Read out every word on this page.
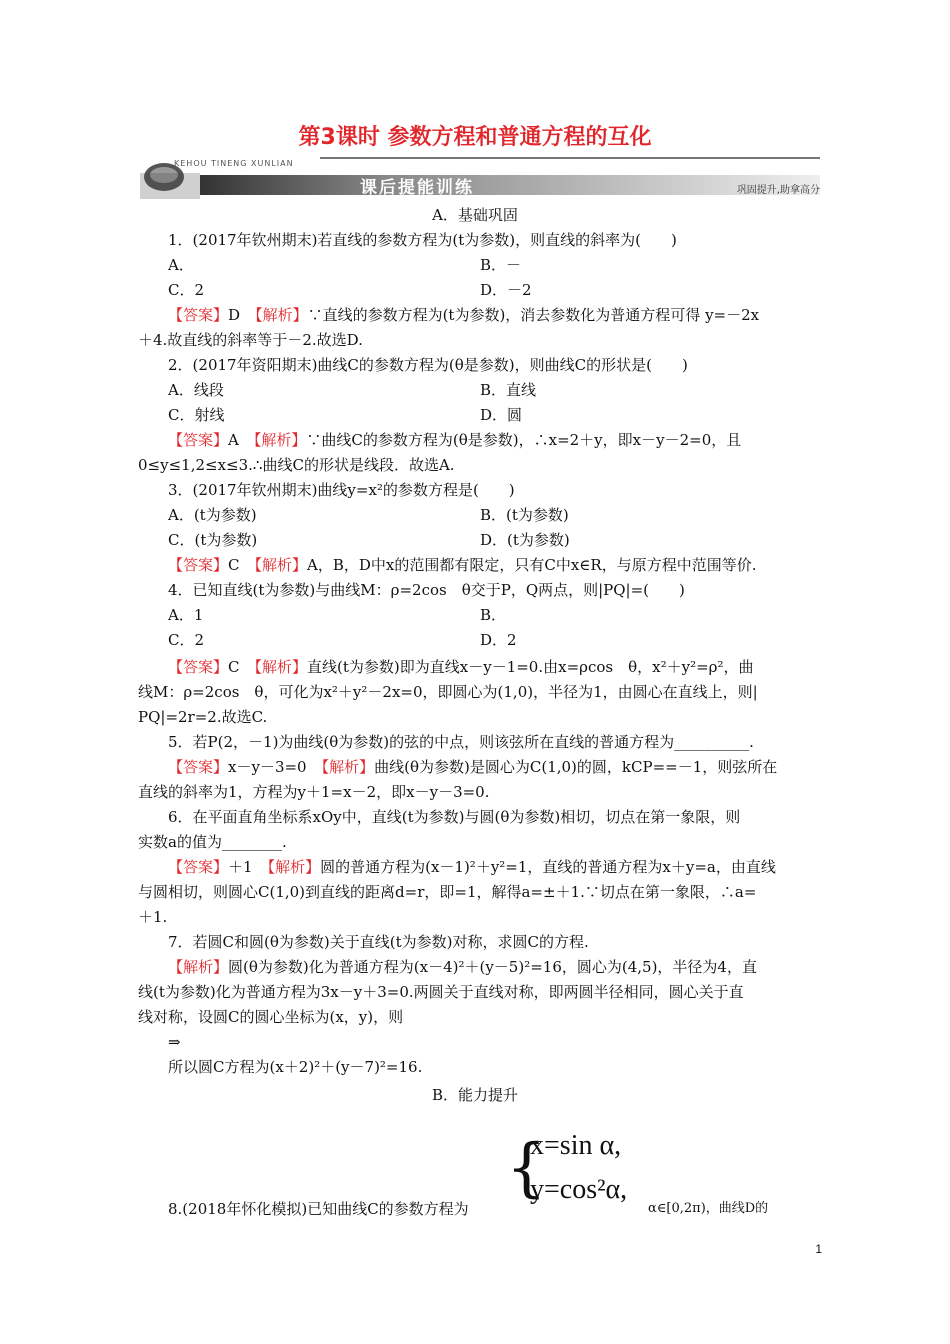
第3课时 参数方程和普通方程的互化
KEHOU TINENG XUNLIAN
课后提能训练	巩固提升,助拿高分
A．基础巩固
1．(2017年钦州期末)若直线的参数方程为(t为参数)，则直线的斜率为(　　)
A．	B．－
C．2	D．－2
【答案】D　 【解析】∵直线的参数方程为(t为参数)，消去参数化为普通方程可得 y=－2x
＋4.故直线的斜率等于－2.故选D.
2．(2017年资阳期末)曲线C的参数方程为(θ是参数)，则曲线C的形状是(　　)
A．线段	B．直线
C．射线	D．圆
【答案】A　 【解析】∵曲线C的参数方程为(θ是参数)，∴x=2＋y，即x－y－2=0，且
0≤y≤1,2≤x≤3.∴曲线C的形状是线段．故选A.
3．(2017年钦州期末)曲线y=x²的参数方程是(　　)
A．(t为参数)	B．(t为参数)
C．(t为参数)	D．(t为参数)
【答案】C　 【解析】A，B，D中x的范围都有限定，只有C中x∈R，与原方程中范围等价.
4．已知直线(t为参数)与曲线M：ρ=2cos　θ交于P，Q两点，则|PQ|=(　　)
A．1	B．
C．2	D．2
【答案】C　 【解析】直线(t为参数)即为直线x－y－1=0.由x=ρcos　θ，x²＋y²=ρ²，曲
线M：ρ=2cos　θ，可化为x²＋y²－2x=0，即圆心为(1,0)，半径为1，由圆心在直线上，则|
PQ|=2r=2.故选C.
5．若P(2，－1)为曲线(θ为参数)的弦的中点，则该弦所在直线的普通方程为__________.
【答案】x－y－3=0　 【解析】曲线(θ为参数)是圆心为C(1,0)的圆，kCP==－1，则弦所在
直线的斜率为1，方程为y＋1=x－2，即x－y－3=0.
6．在平面直角坐标系xOy中，直线(t为参数)与圆(θ为参数)相切，切点在第一象限，则
实数a的值为________.
【答案】＋1　 【解析】圆的普通方程为(x－1)²＋y²=1，直线的普通方程为x＋y=a，由直线
与圆相切，则圆心C(1,0)到直线的距离d=r，即=1，解得a=±＋1.∵切点在第一象限，∴a=
＋1.
7．若圆C和圆(θ为参数)关于直线(t为参数)对称，求圆C的方程.
【解析】圆(θ为参数)化为普通方程为(x－4)²＋(y－5)²=16，圆心为(4,5)，半径为4，直
线(t为参数)化为普通方程为3x－y＋3=0.两圆关于直线对称，即两圆半径相同，圆心关于直
线对称，设圆C的圆心坐标为(x，y)，则
⇒
所以圆C方程为(x＋2)²＋(y－7)²=16.
B．能力提升
{
x=sin α,
y=cos²α,
8.(2018年怀化模拟)已知曲线C的参数方程为	α∈[0,2π)，曲线D的
1
